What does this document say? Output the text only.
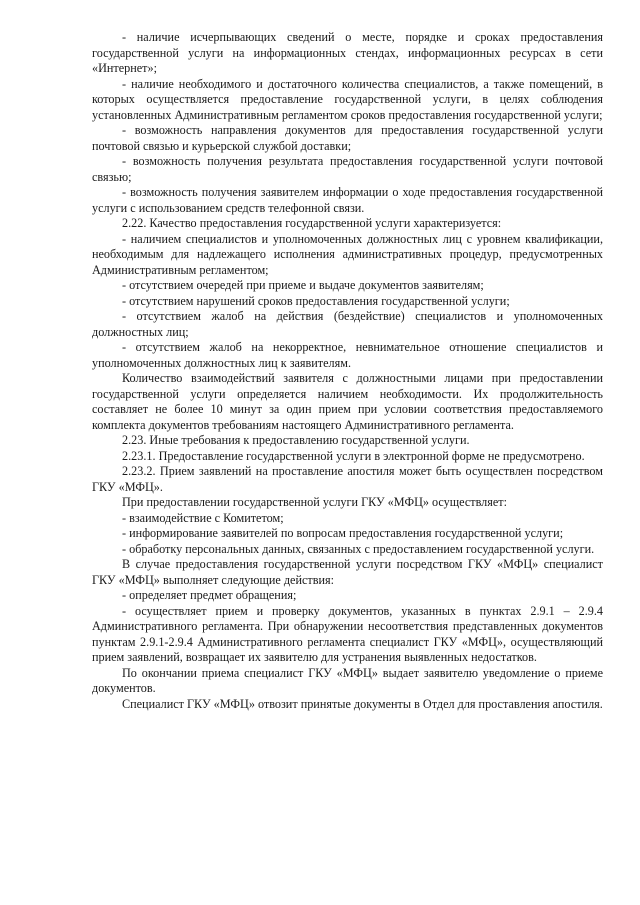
- наличие исчерпывающих сведений о месте, порядке и сроках предоставления государственной услуги на информационных стендах, информационных ресурсах в сети «Интернет»;

- наличие необходимого и достаточного количества специалистов, а также помещений, в которых осуществляется предоставление государственной услуги, в целях соблюдения установленных Административным регламентом сроков предоставления государственной услуги;

- возможность направления документов для предоставления государственной услуги почтовой связью и курьерской службой доставки;

- возможность получения результата предоставления государственной услуги почтовой связью;

- возможность получения заявителем информации о ходе предоставления государственной услуги с использованием средств телефонной связи.

2.22. Качество предоставления государственной услуги характеризуется:

- наличием специалистов и уполномоченных должностных лиц с уровнем квалификации, необходимым для надлежащего исполнения административных процедур, предусмотренных Административным регламентом;

- отсутствием очередей при приеме и выдаче документов заявителям;

- отсутствием нарушений сроков предоставления государственной услуги;

- отсутствием жалоб на действия (бездействие) специалистов и уполномоченных должностных лиц;

- отсутствием жалоб на некорректное, невнимательное отношение специалистов и уполномоченных должностных лиц к заявителям.

Количество взаимодействий заявителя с должностными лицами при предоставлении государственной услуги определяется наличием необходимости. Их продолжительность составляет не более 10 минут за один прием при условии соответствия предоставляемого комплекта документов требованиям настоящего Административного регламента.

2.23. Иные требования к предоставлению государственной услуги.

2.23.1. Предоставление государственной услуги в электронной форме не предусмотрено.

2.23.2. Прием заявлений на проставление апостиля может быть осуществлен посредством ГКУ «МФЦ».

При предоставлении государственной услуги ГКУ «МФЦ» осуществляет:

- взаимодействие с Комитетом;

- информирование заявителей по вопросам предоставления государственной услуги;

- обработку персональных данных, связанных с предоставлением государственной услуги.

В случае предоставления государственной услуги посредством ГКУ «МФЦ» специалист ГКУ «МФЦ» выполняет следующие действия:

- определяет предмет обращения;

- осуществляет прием и проверку документов, указанных в пунктах 2.9.1 – 2.9.4 Административного регламента. При обнаружении несоответствия представленных документов пунктам 2.9.1-2.9.4 Административного регламента специалист ГКУ «МФЦ», осуществляющий прием заявлений, возвращает их заявителю для устранения выявленных недостатков.

По окончании приема специалист ГКУ «МФЦ» выдает заявителю уведомление о приеме документов.

Специалист ГКУ «МФЦ» отвозит принятые документы в Отдел для проставления апостиля.
